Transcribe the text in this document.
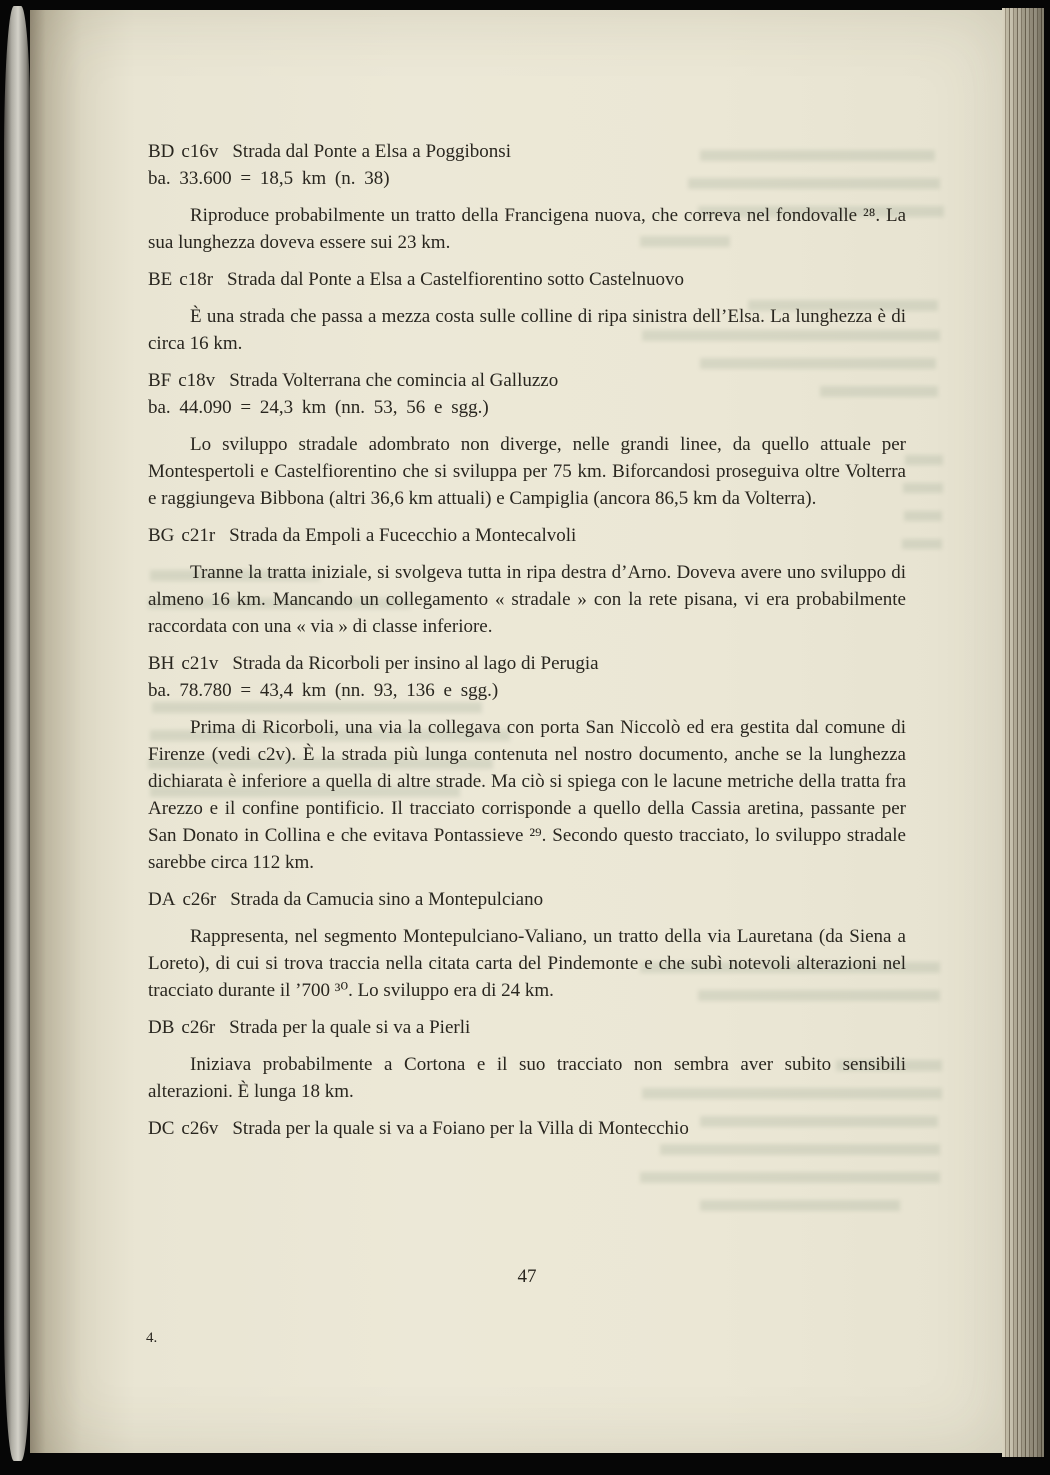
BD c16v Strada dal Ponte a Elsa a Poggibonsi

ba. 33.600 = 18,5 km (n. 38)

Riproduce probabilmente un tratto della Francigena nuova, che correva nel fondovalle ²⁸. La sua lunghezza doveva essere sui 23 km.

BE c18r Strada dal Ponte a Elsa a Castelfiorentino sotto Castelnuovo

È una strada che passa a mezza costa sulle colline di ripa sinistra dell’Elsa. La lunghezza è di circa 16 km.

BF c18v Strada Volterrana che comincia al Galluzzo

ba. 44.090 = 24,3 km (nn. 53, 56 e sgg.)

Lo sviluppo stradale adombrato non diverge, nelle grandi linee, da quello attuale per Montespertoli e Castelfiorentino che si sviluppa per 75 km. Biforcandosi proseguiva oltre Volterra e raggiungeva Bibbona (altri 36,6 km attuali) e Campiglia (ancora 86,5 km da Volterra).

BG c21r Strada da Empoli a Fucecchio a Montecalvoli

Tranne la tratta iniziale, si svolgeva tutta in ripa destra d’Arno. Doveva avere uno sviluppo di almeno 16 km. Mancando un collegamento « stradale » con la rete pisana, vi era probabilmente raccordata con una « via » di classe inferiore.

BH c21v Strada da Ricorboli per insino al lago di Perugia

ba. 78.780 = 43,4 km (nn. 93, 136 e sgg.)

Prima di Ricorboli, una via la collegava con porta San Niccolò ed era gestita dal comune di Firenze (vedi c2v). È la strada più lunga contenuta nel nostro documento, anche se la lunghezza dichiarata è inferiore a quella di altre strade. Ma ciò si spiega con le lacune metriche della tratta fra Arezzo e il confine pontificio. Il tracciato corrisponde a quello della Cassia aretina, passante per San Donato in Collina e che evitava Pontassieve ²⁹. Secondo questo tracciato, lo sviluppo stradale sarebbe circa 112 km.

DA c26r Strada da Camucia sino a Montepulciano

Rappresenta, nel segmento Montepulciano-Valiano, un tratto della via Lauretana (da Siena a Loreto), di cui si trova traccia nella citata carta del Pindemonte e che subì notevoli alterazioni nel tracciato durante il ’700 ³⁰. Lo sviluppo era di 24 km.

DB c26r Strada per la quale si va a Pierli

Iniziava probabilmente a Cortona e il suo tracciato non sembra aver subito sensibili alterazioni. È lunga 18 km.

DC c26v Strada per la quale si va a Foiano per la Villa di Montecchio

47
4.
